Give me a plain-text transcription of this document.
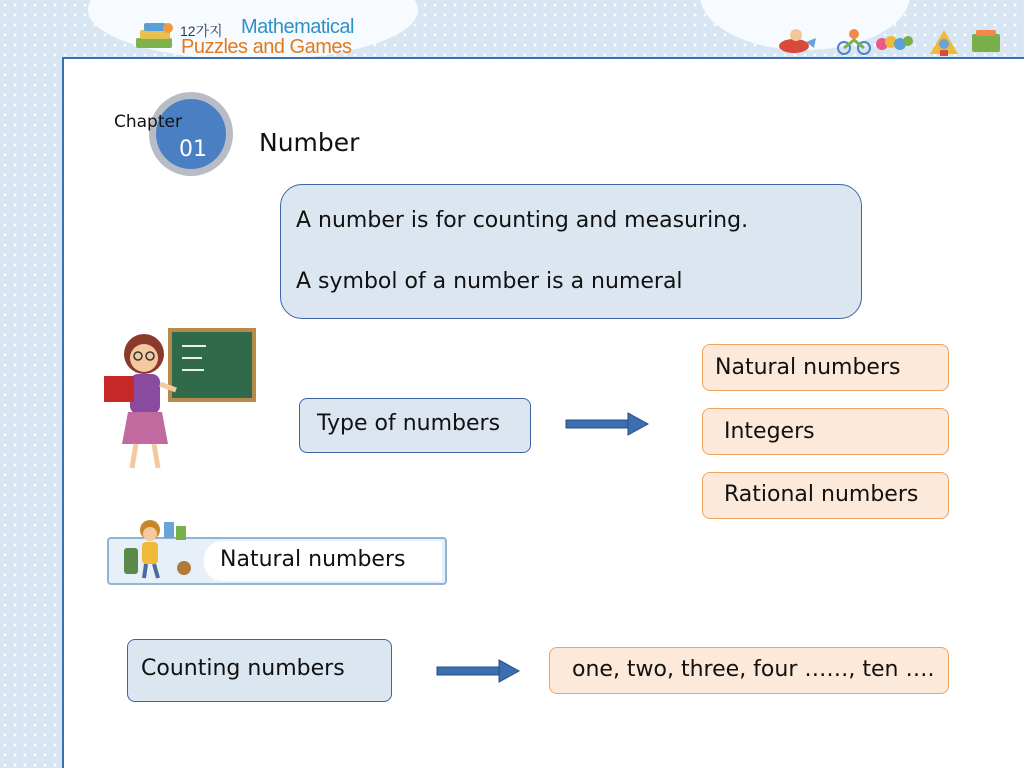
12가지 Mathematical
Puzzles and Games
Chapter
01 Number
A number is for counting and measuring.
A symbol of a number is a numeral
Type of numbers
Natural numbers
Integers
Rational numbers
Natural numbers
Counting numbers	one, two, three, four ……, ten ….
